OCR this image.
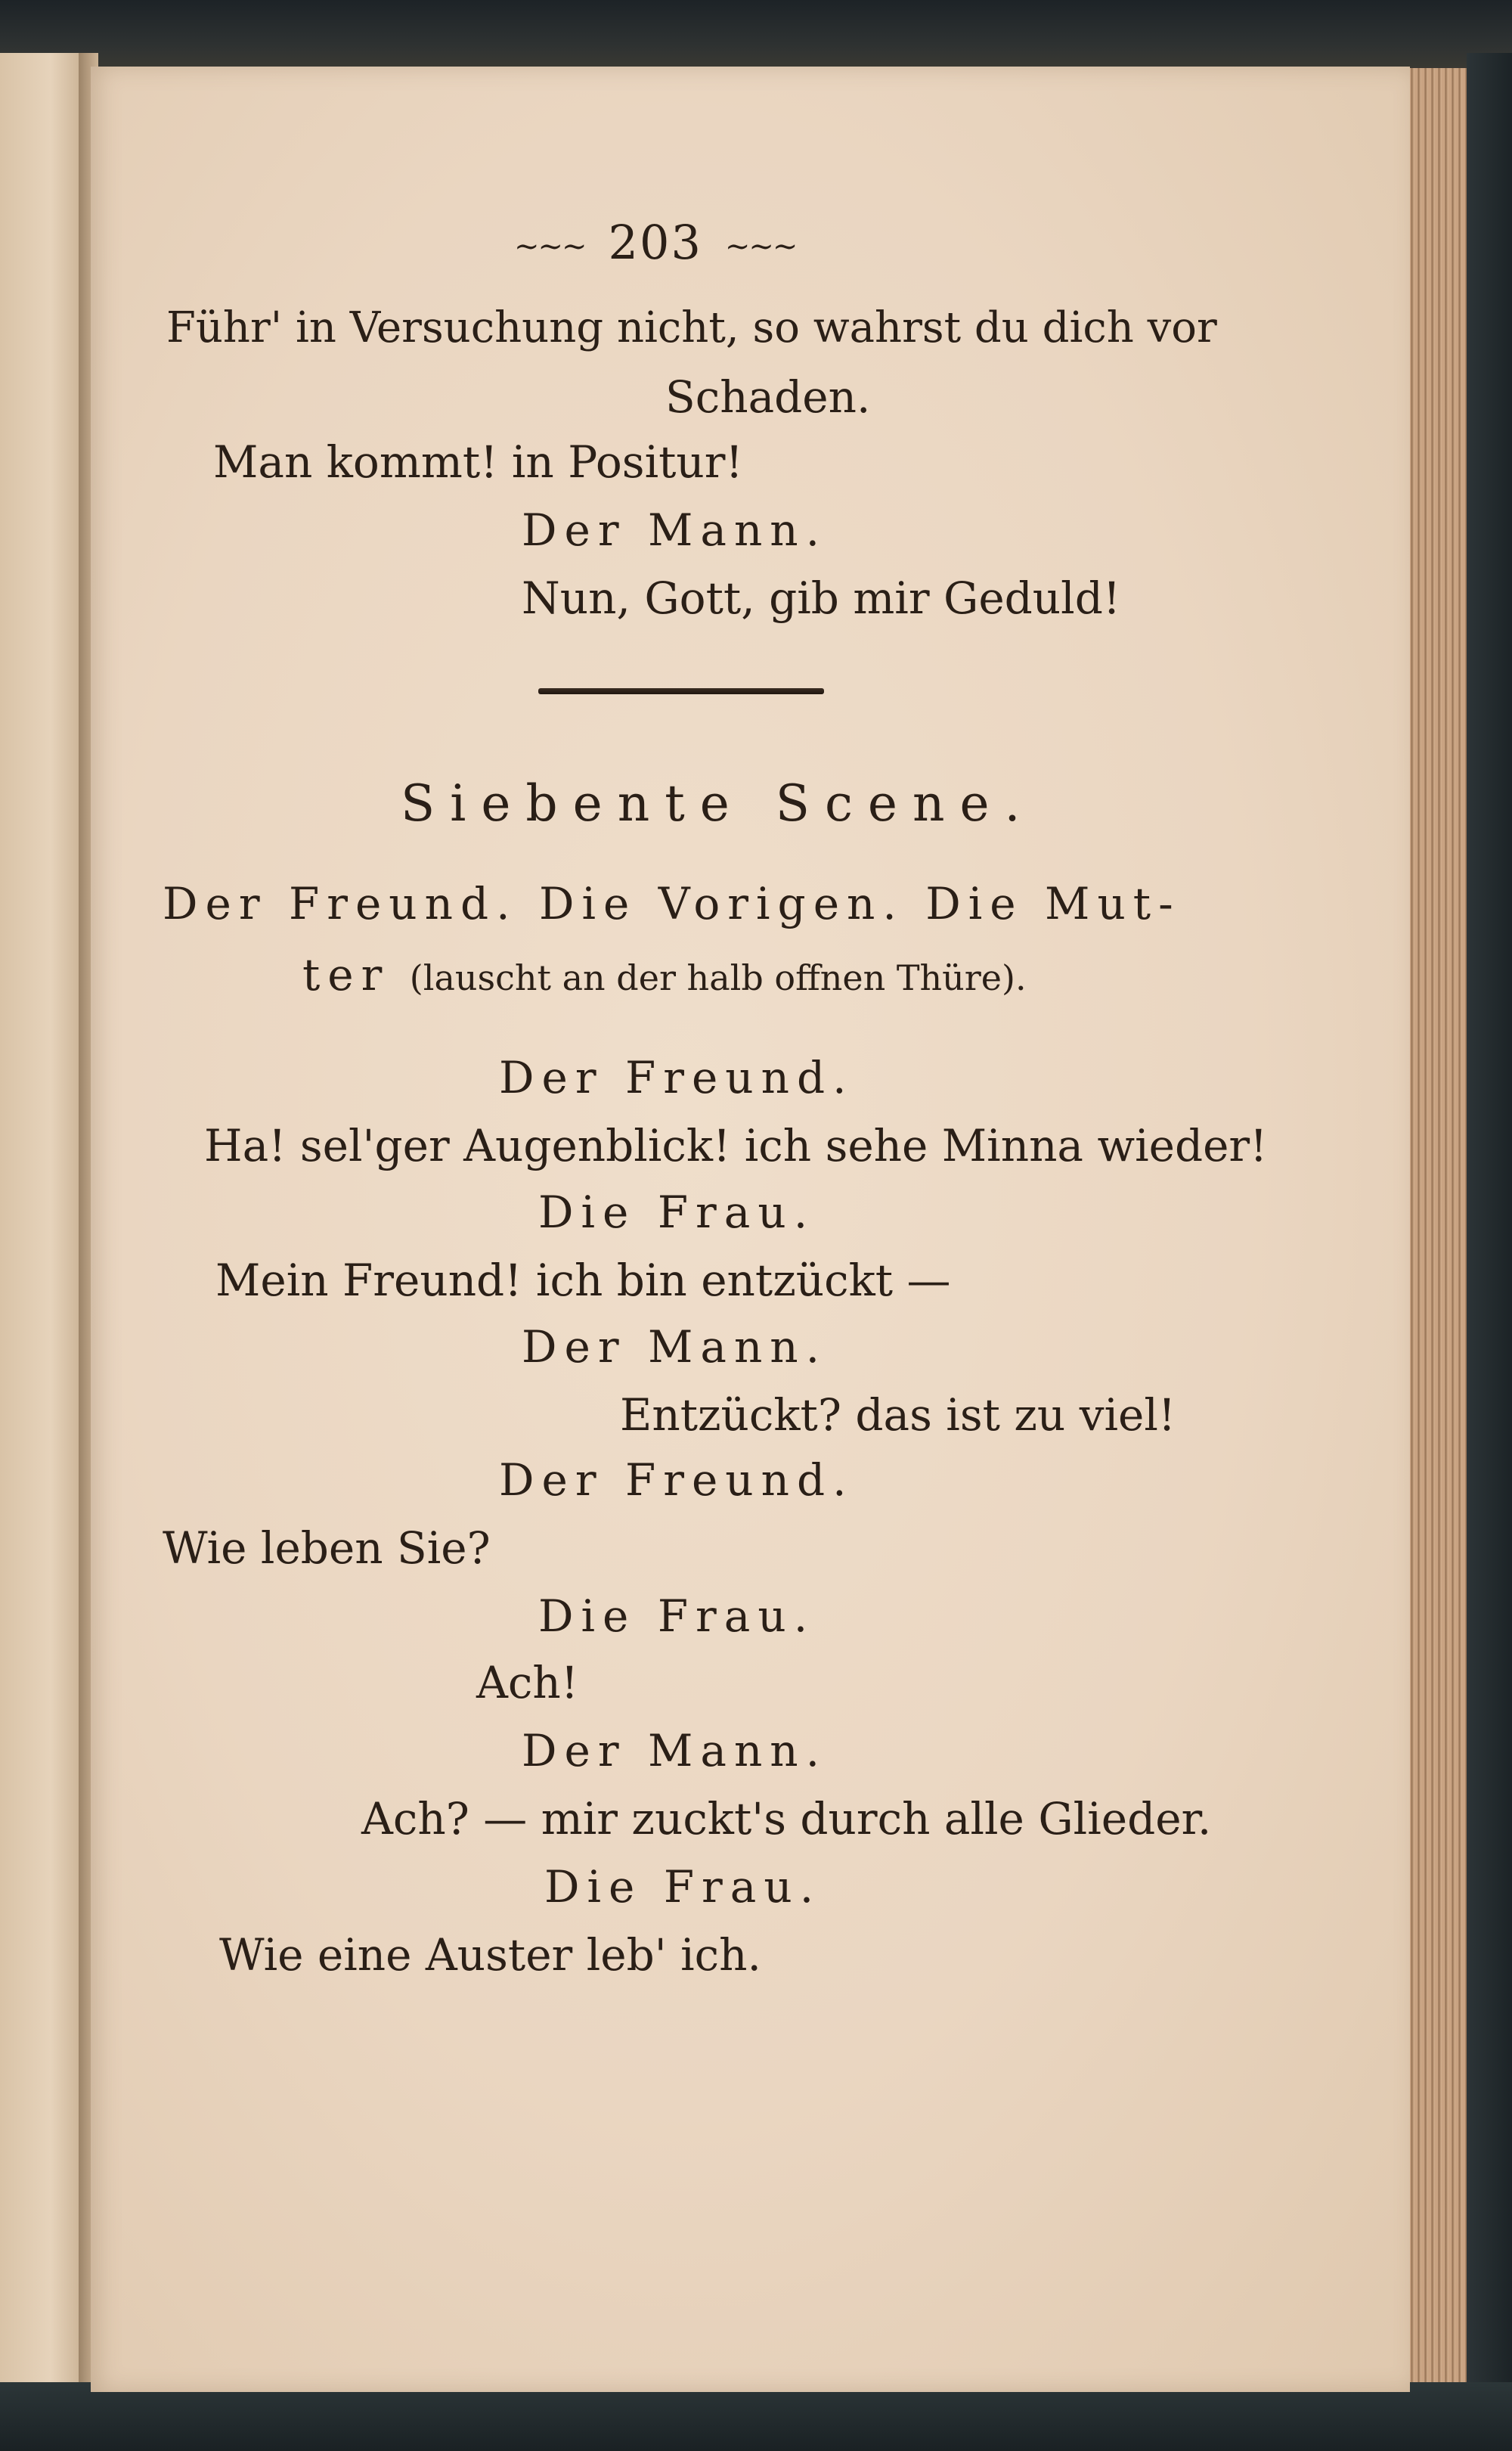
∼∼∼ 203 ∼∼∼
Führ' in Versuchung nicht, so wahrst du dich vor
Schaden.
Man kommt! in Positur!
Der Mann.
Nun, Gott, gib mir Geduld!
Siebente Scene.
Der Freund. Die Vorigen. Die Mut-
ter (lauscht an der halb offnen Thüre).
Der Freund.
Ha! sel'ger Augenblick! ich sehe Minna wieder!
Die Frau.
Mein Freund! ich bin entzückt —
Der Mann.
Entzückt? das ist zu viel!
Der Freund.
Wie leben Sie?
Die Frau.
Ach!
Der Mann.
Ach? — mir zuckt's durch alle Glieder.
Die Frau.
Wie eine Auster leb' ich.
